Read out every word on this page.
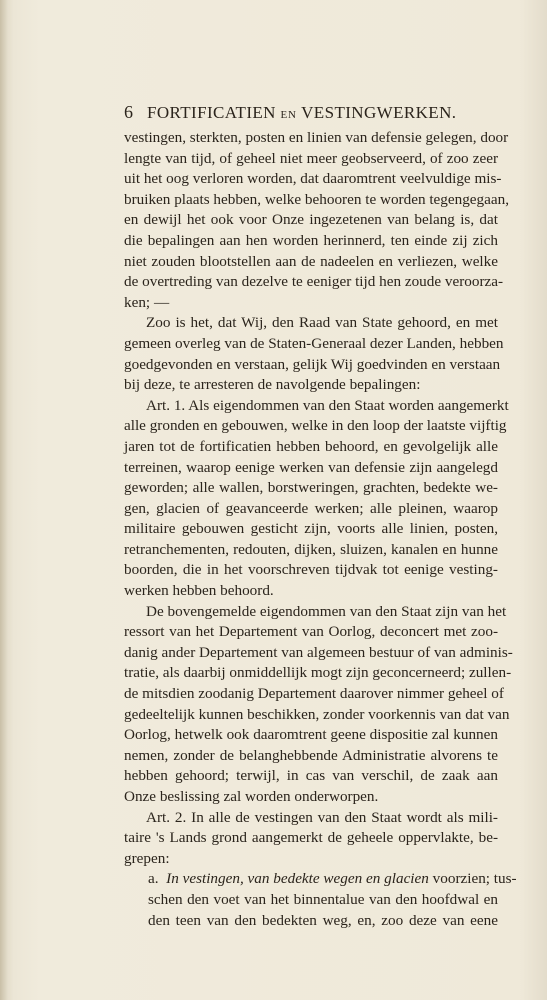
6 FORTIFICATIEN EN VESTINGWERKEN.
vestingen, sterkten, posten en linien van defensie gelegen, door
lengte van tijd, of geheel niet meer geobserveerd, of zoo zeer
uit het oog verloren worden, dat daaromtrent veelvuldige mis-
bruiken plaats hebben, welke behooren te worden tegengegaan,
en dewijl het ook voor Onze ingezetenen van belang is, dat
die bepalingen aan hen worden herinnerd, ten einde zij zich
niet zouden blootstellen aan de nadeelen en verliezen, welke
de overtreding van dezelve te eeniger tijd hen zoude veroorza-
ken; —
Zoo is het, dat Wij, den Raad van State gehoord, en met
gemeen overleg van de Staten-Generaal dezer Landen, hebben
goedgevonden en verstaan, gelijk Wij goedvinden en verstaan
bij deze, te arresteren de navolgende bepalingen:
Art. 1. Als eigendommen van den Staat worden aangemerkt
alle gronden en gebouwen, welke in den loop der laatste vijftig
jaren tot de fortificatien hebben behoord, en gevolgelijk alle
terreinen, waarop eenige werken van defensie zijn aangelegd
geworden; alle wallen, borstweringen, grachten, bedekte we-
gen, glacien of geavanceerde werken; alle pleinen, waarop
militaire gebouwen gesticht zijn, voorts alle linien, posten,
retranchementen, redouten, dijken, sluizen, kanalen en hunne
boorden, die in het voorschreven tijdvak tot eenige vesting-
werken hebben behoord.
De bovengemelde eigendommen van den Staat zijn van het
ressort van het Departement van Oorlog, deconcert met zoo-
danig ander Departement van algemeen bestuur of van adminis-
tratie, als daarbij onmiddellijk mogt zijn geconcerneerd; zullen-
de mitsdien zoodanig Departement daarover nimmer geheel of
gedeeltelijk kunnen beschikken, zonder voorkennis van dat van
Oorlog, hetwelk ook daaromtrent geene dispositie zal kunnen
nemen, zonder de belanghebbende Administratie alvorens te
hebben gehoord; terwijl, in cas van verschil, de zaak aan
Onze beslissing zal worden onderworpen.
Art. 2. In alle de vestingen van den Staat wordt als mili-
taire 's Lands grond aangemerkt de geheele oppervlakte, be-
grepen:
a. In vestingen, van bedekte wegen en glacien voorzien; tus-
schen den voet van het binnentalue van den hoofdwal en
den teen van den bedekten weg, en, zoo deze van eene
